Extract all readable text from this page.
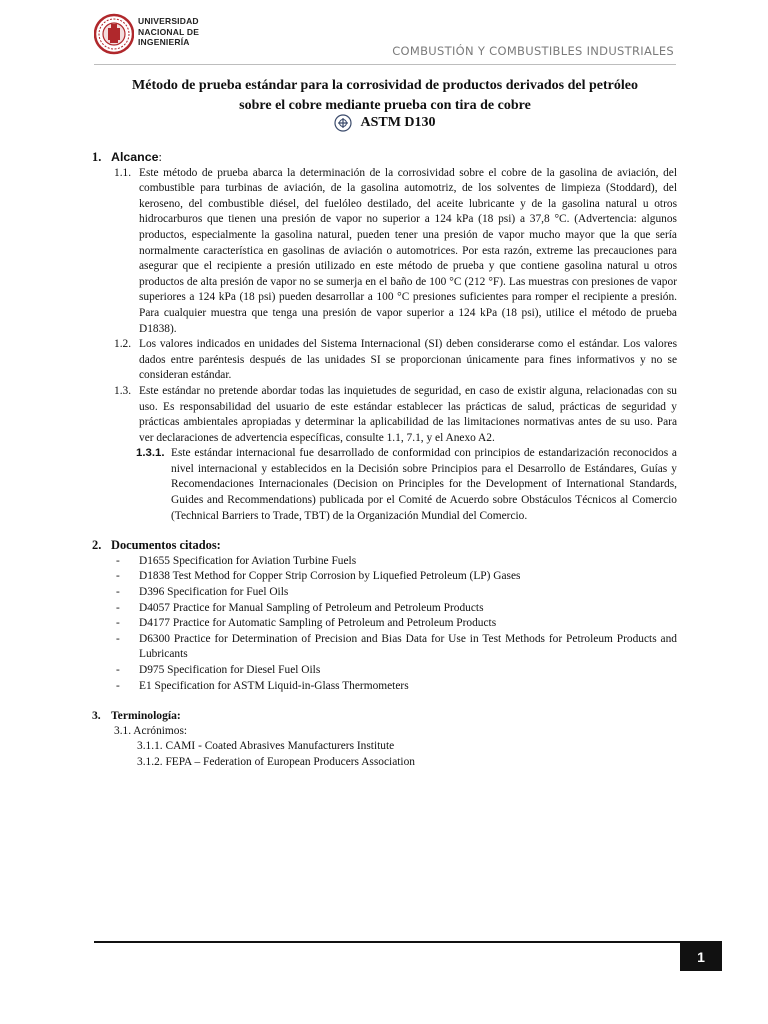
UNIVERSIDAD
NACIONAL DE
INGENIERÍA
COMBUSTIÓN Y COMBUSTIBLES INDUSTRIALES
Método de prueba estándar para la corrosividad de productos derivados del petróleo
sobre el cobre mediante prueba con tira de cobre
ASTM D130

1. Alcance:

1.1. Este método de prueba abarca la determinación de la corrosividad sobre el cobre de la gasolina de aviación, del combustible para turbinas de aviación, de la gasolina automotriz, de los solventes de limpieza (Stoddard), del keroseno, del combustible diésel, del fuelóleo destilado, del aceite lubricante y de la gasolina natural u otros hidrocarburos que tienen una presión de vapor no superior a 124 kPa (18 psi) a 37,8 °C. (Advertencia: algunos productos, especialmente la gasolina natural, pueden tener una presión de vapor mucho mayor que la que sería normalmente característica en gasolinas de aviación o automotrices. Por esta razón, extreme las precauciones para asegurar que el recipiente a presión utilizado en este método de prueba y que contiene gasolina natural u otros productos de alta presión de vapor no se sumerja en el baño de 100 °C (212 °F). Las muestras con presiones de vapor superiores a 124 kPa (18 psi) pueden desarrollar a 100 °C presiones suficientes para romper el recipiente a presión. Para cualquier muestra que tenga una presión de vapor superior a 124 kPa (18 psi), utilice el método de prueba D1838).

1.2. Los valores indicados en unidades del Sistema Internacional (SI) deben considerarse como el estándar. Los valores dados entre paréntesis después de las unidades SI se proporcionan únicamente para fines informativos y no se consideran estándar.

1.3. Este estándar no pretende abordar todas las inquietudes de seguridad, en caso de existir alguna, relacionadas con su uso. Es responsabilidad del usuario de este estándar establecer las prácticas de salud, prácticas de seguridad y prácticas ambientales apropiadas y determinar la aplicabilidad de las limitaciones normativas antes de su uso. Para ver declaraciones de advertencia específicas, consulte 1.1, 7.1, y el Anexo A2.

1.3.1. Este estándar internacional fue desarrollado de conformidad con principios de estandarización reconocidos a nivel internacional y establecidos en la Decisión sobre Principios para el Desarrollo de Estándares, Guías y Recomendaciones Internacionales (Decision on Principles for the Development of International Standards, Guides and Recommendations) publicada por el Comité de Acuerdo sobre Obstáculos Técnicos al Comercio (Technical Barriers to Trade, TBT) de la Organización Mundial del Comercio.

2. Documentos citados:

- D1655 Specification for Aviation Turbine Fuels

- D1838 Test Method for Copper Strip Corrosion by Liquefied Petroleum (LP) Gases

- D396 Specification for Fuel Oils

- D4057 Practice for Manual Sampling of Petroleum and Petroleum Products

- D4177 Practice for Automatic Sampling of Petroleum and Petroleum Products

- D6300 Practice for Determination of Precision and Bias Data for Use in Test Methods for Petroleum Products and Lubricants

- D975 Specification for Diesel Fuel Oils

- E1 Specification for ASTM Liquid-in-Glass Thermometers

3. Terminología:

3.1. Acrónimos:

3.1.1. CAMI - Coated Abrasives Manufacturers Institute

3.1.2. FEPA – Federation of European Producers Association

1
